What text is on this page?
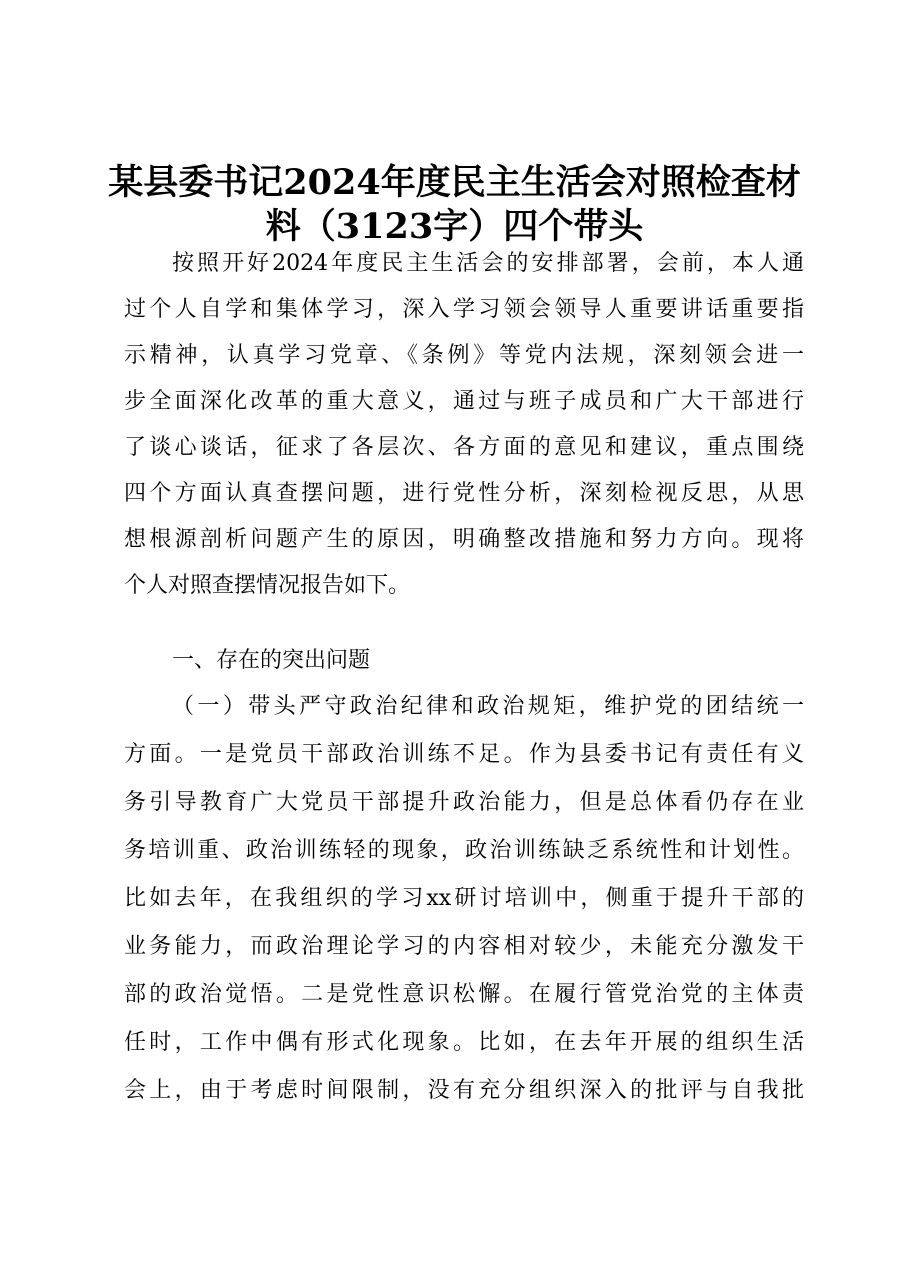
某县委书记2024年度民主生活会对照检查材
料（3123字）四个带头
按照开好2024年度民主生活会的安排部署，会前，本人通
过个人自学和集体学习，深入学习领会领导人重要讲话重要指
示精神，认真学习党章、《条例》等党内法规，深刻领会进一
步全面深化改革的重大意义，通过与班子成员和广大干部进行
了谈心谈话，征求了各层次、各方面的意见和建议，重点围绕
四个方面认真查摆问题，进行党性分析，深刻检视反思，从思
想根源剖析问题产生的原因，明确整改措施和努力方向。现将
个人对照查摆情况报告如下。
一、存在的突出问题
（一）带头严守政治纪律和政治规矩，维护党的团结统一
方面。一是党员干部政治训练不足。作为县委书记有责任有义
务引导教育广大党员干部提升政治能力，但是总体看仍存在业
务培训重、政治训练轻的现象，政治训练缺乏系统性和计划性。
比如去年，在我组织的学习xx研讨培训中，侧重于提升干部的
业务能力，而政治理论学习的内容相对较少，未能充分激发干
部的政治觉悟。二是党性意识松懈。在履行管党治党的主体责
任时，工作中偶有形式化现象。比如，在去年开展的组织生活
会上，由于考虑时间限制，没有充分组织深入的批评与自我批
